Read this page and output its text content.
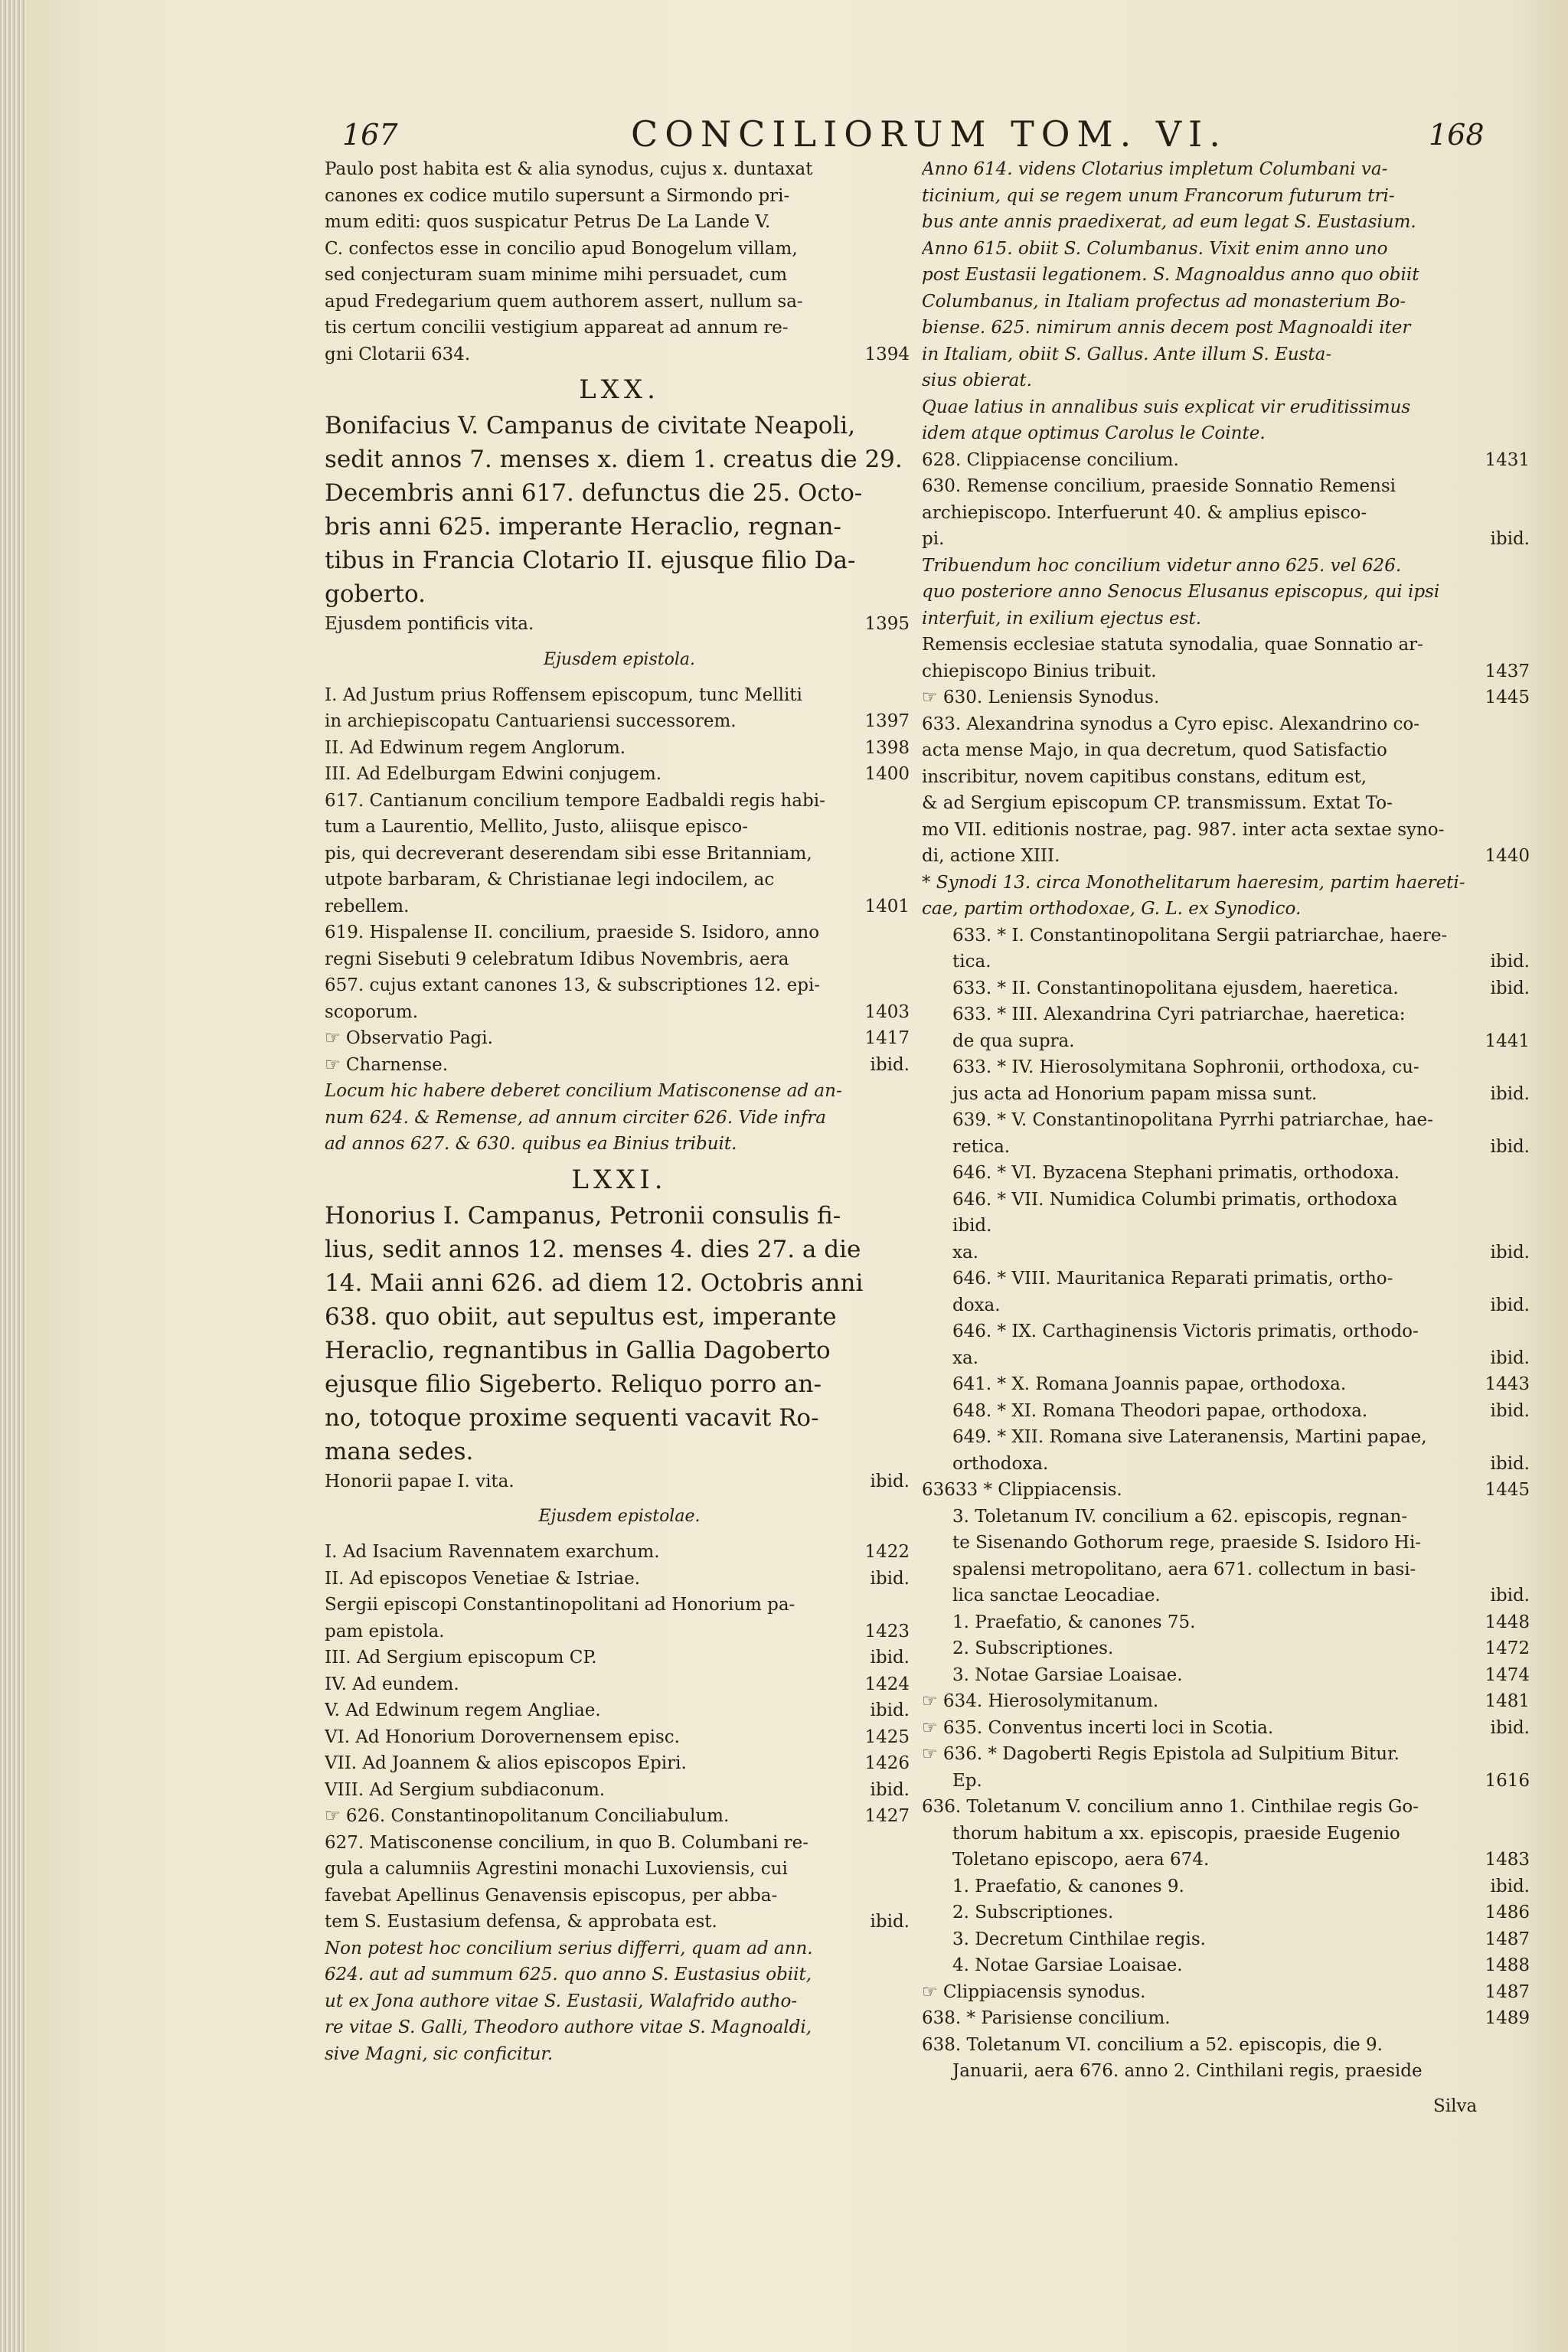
167	CONCILIORUM TOM. VI.	168
Paulo post habita est & alia synodus, cujus x. duntaxat
canones ex codice mutilo supersunt a Sirmondo pri-
mum editi: quos suspicatur Petrus De La Lande V.
C. confectos esse in concilio apud Bonogelum villam,
sed conjecturam suam minime mihi persuadet, cum
apud Fredegarium quem authorem assert, nullum sa-
tis certum concilii vestigium appareat ad annum re-
gni Clotarii 634.	1394
LXX.
Bonifacius V. Campanus de civitate Neapoli,
sedit annos 7. menses x. diem 1. creatus die 29.
Decembris anni 617. defunctus die 25. Octo-
bris anni 625. imperante Heraclio, regnan-
tibus in Francia Clotario II. ejusque filio Da-
goberto.
Ejusdem pontificis vita.	1395
Ejusdem epistola.
I. Ad Justum prius Roffensem episcopum, tunc Melliti
in archiepiscopatu Cantuariensi successorem.	1397
II. Ad Edwinum regem Anglorum.	1398
III. Ad Edelburgam Edwini conjugem.	1400
617. Cantianum concilium tempore Eadbaldi regis habi-
tum a Laurentio, Mellito, Justo, aliisque episco-
pis, qui decreverant deserendam sibi esse Britanniam,
utpote barbaram, & Christianae legi indocilem, ac
rebellem.	1401
619. Hispalense II. concilium, praeside S. Isidoro, anno
regni Sisebuti 9 celebratum Idibus Novembris, aera
657. cujus extant canones 13, & subscriptiones 12. epi-
scoporum.	1403
☞ Observatio Pagi.	1417
☞ Charnense.	ibid.
Locum hic habere deberet concilium Matisconense ad an-
num 624. & Remense, ad annum circiter 626. Vide infra
ad annos 627. & 630. quibus ea Binius tribuit.
LXXI.
Honorius I. Campanus, Petronii consulis fi-
lius, sedit annos 12. menses 4. dies 27. a die
14. Maii anni 626. ad diem 12. Octobris anni
638. quo obiit, aut sepultus est, imperante
Heraclio, regnantibus in Gallia Dagoberto
ejusque filio Sigeberto. Reliquo porro an-
no, totoque proxime sequenti vacavit Ro-
mana sedes.
Honorii papae I. vita.	ibid.
Ejusdem epistolae.
I. Ad Isacium Ravennatem exarchum.	1422
II. Ad episcopos Venetiae & Istriae.	ibid.
Sergii episcopi Constantinopolitani ad Honorium pa-
pam epistola.	1423
III. Ad Sergium episcopum CP.	ibid.
IV. Ad eundem.	1424
V. Ad Edwinum regem Angliae.	ibid.
VI. Ad Honorium Dorovernensem episc.	1425
VII. Ad Joannem & alios episcopos Epiri.	1426
VIII. Ad Sergium subdiaconum.	ibid.
☞ 626. Constantinopolitanum Conciliabulum.	1427
627. Matisconense concilium, in quo B. Columbani re-
gula a calumniis Agrestini monachi Luxoviensis, cui
favebat Apellinus Genavensis episcopus, per abba-
tem S. Eustasium defensa, & approbata est.	ibid.
Non potest hoc concilium serius differri, quam ad ann.
624. aut ad summum 625. quo anno S. Eustasius obiit,
ut ex Jona authore vitae S. Eustasii, Walafrido autho-
re vitae S. Galli, Theodoro authore vitae S. Magnoaldi,
sive Magni, sic conficitur.
Anno 614. videns Clotarius impletum Columbani va-
ticinium, qui se regem unum Francorum futurum tri-
bus ante annis praedixerat, ad eum legat S. Eustasium.
Anno 615. obiit S. Columbanus. Vixit enim anno uno
post Eustasii legationem. S. Magnoaldus anno quo obiit
Columbanus, in Italiam profectus ad monasterium Bo-
biense. 625. nimirum annis decem post Magnoaldi iter
in Italiam, obiit S. Gallus. Ante illum S. Eusta-
sius obierat.
Quae latius in annalibus suis explicat vir eruditissimus
idem atque optimus Carolus le Cointe.
628. Clippiacense concilium.	1431
630. Remense concilium, praeside Sonnatio Remensi
archiepiscopo. Interfuerunt 40. & amplius episco-
pi.	ibid.
Tribuendum hoc concilium videtur anno 625. vel 626.
quo posteriore anno Senocus Elusanus episcopus, qui ipsi
interfuit, in exilium ejectus est.
Remensis ecclesiae statuta synodalia, quae Sonnatio ar-
chiepiscopo Binius tribuit.	1437
☞ 630. Leniensis Synodus.	1445
633. Alexandrina synodus a Cyro episc. Alexandrino co-
acta mense Majo, in qua decretum, quod Satisfactio
inscribitur, novem capitibus constans, editum est,
& ad Sergium episcopum CP. transmissum. Extat To-
mo VII. editionis nostrae, pag. 987. inter acta sextae syno-
di, actione XIII.	1440
* Synodi 13. circa Monothelitarum haeresim, partim haereti-
cae, partim orthodoxae, G. L. ex Synodico.
633. * I. Constantinopolitana Sergii patriarchae, haere-
tica.	ibid.
633. * II. Constantinopolitana ejusdem, haeretica.	ibid.
633. * III. Alexandrina Cyri patriarchae, haeretica:
de qua supra.	1441
633. * IV. Hierosolymitana Sophronii, orthodoxa, cu-
jus acta ad Honorium papam missa sunt.	ibid.
639. * V. Constantinopolitana Pyrrhi patriarchae, hae-
retica.	ibid.
646. * VI. Byzacena Stephani primatis, orthodoxa.
646. * VII. Numidica Columbi primatis, orthodoxa
ibid.
xa.	ibid.
646. * VIII. Mauritanica Reparati primatis, ortho-
doxa.	ibid.
646. * IX. Carthaginensis Victoris primatis, orthodo-
xa.	ibid.
641. * X. Romana Joannis papae, orthodoxa.	1443
648. * XI. Romana Theodori papae, orthodoxa.	ibid.
649. * XII. Romana sive Lateranensis, Martini papae,
orthodoxa.	ibid.
63633 * Clippiacensis.	1445
3. Toletanum IV. concilium a 62. episcopis, regnan-
te Sisenando Gothorum rege, praeside S. Isidoro Hi-
spalensi metropolitano, aera 671. collectum in basi-
lica sanctae Leocadiae.	ibid.
1. Praefatio, & canones 75.	1448
2. Subscriptiones.	1472
3. Notae Garsiae Loaisae.	1474
☞ 634. Hierosolymitanum.	1481
☞ 635. Conventus incerti loci in Scotia.	ibid.
☞ 636. * Dagoberti Regis Epistola ad Sulpitium Bitur.
Ep.	1616
636. Toletanum V. concilium anno 1. Cinthilae regis Go-
thorum habitum a xx. episcopis, praeside Eugenio
Toletano episcopo, aera 674.	1483
1. Praefatio, & canones 9.	ibid.
2. Subscriptiones.	1486
3. Decretum Cinthilae regis.	1487
4. Notae Garsiae Loaisae.	1488
☞ Clippiacensis synodus.	1487
638. * Parisiense concilium.	1489
638. Toletanum VI. concilium a 52. episcopis, die 9.
Januarii, aera 676. anno 2. Cinthilani regis, praeside
Silva
